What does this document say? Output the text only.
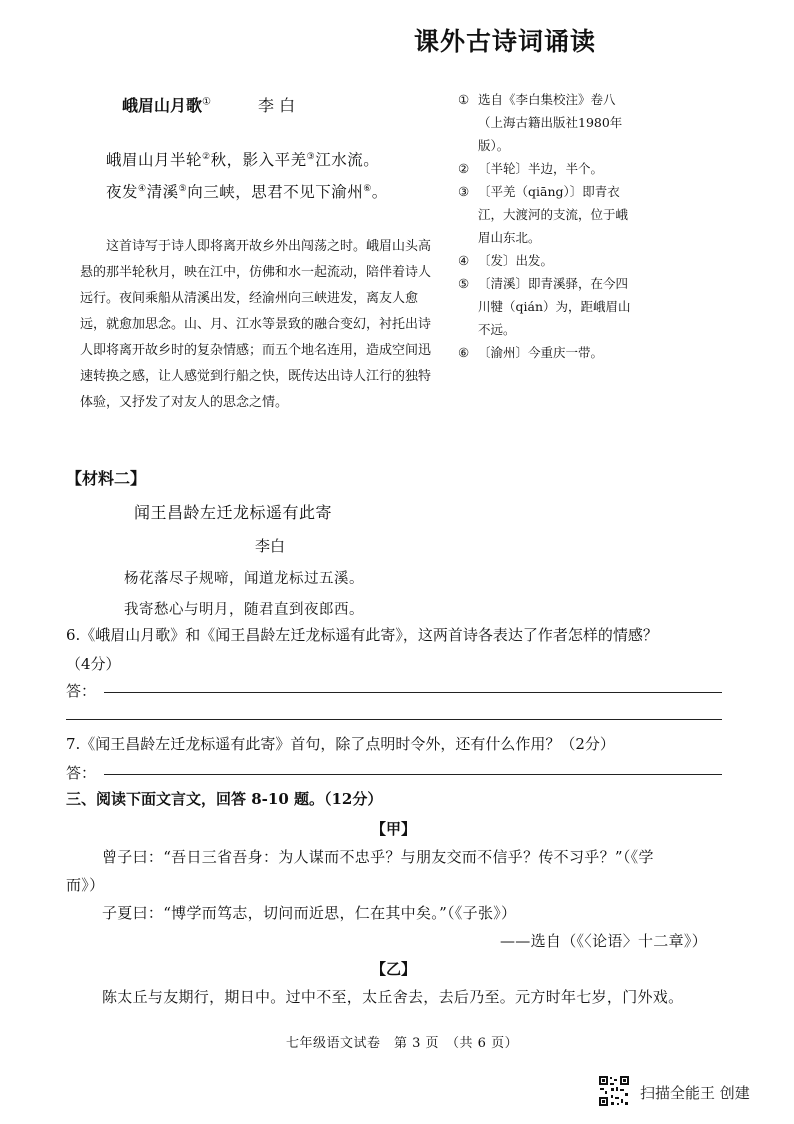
课外古诗词诵读
峨眉山月歌①	李 白
峨眉山月半轮②秋，影入平羌③江水流。
夜发④清溪⑤向三峡，思君不见下渝州⑥。
这首诗写于诗人即将离开故乡外出闯荡之时。峨眉山头高悬的那半轮秋月，映在江中，仿佛和水一起流动，陪伴着诗人远行。夜间乘船从清溪出发，经渝州向三峡进发，离友人愈远，就愈加思念。山、月、江水等景致的融合变幻，衬托出诗人即将离开故乡时的复杂情感；而五个地名连用，造成空间迅速转换之感，让人感觉到行船之快，既传达出诗人江行的独特体验，又抒发了对友人的思念之情。
① 选自《李白集校注》卷八（上海古籍出版社1980年版）。
② 〔半轮〕半边，半个。
③ 〔平羌（qiāng）〕即青衣江，大渡河的支流，位于峨眉山东北。
④ 〔发〕出发。
⑤ 〔清溪〕即青溪驿，在今四川犍（qián）为，距峨眉山不远。
⑥ 〔渝州〕今重庆一带。
【材料二】
闻王昌龄左迁龙标遥有此寄
李白
杨花落尽子规啼，闻道龙标过五溪。
我寄愁心与明月，随君直到夜郎西。
6.《峨眉山月歌》和《闻王昌龄左迁龙标遥有此寄》，这两首诗各表达了作者怎样的情感？
（4分）
答：
7.《闻王昌龄左迁龙标遥有此寄》首句，除了点明时令外，还有什么作用？（2分）
答：
三、阅读下面文言文，回答 8-10 题。（12分）
【甲】
曾子曰：“吾日三省吾身：为人谋而不忠乎？与朋友交而不信乎？传不习乎？”（《学
而》）
子夏曰：“博学而笃志，切问而近思，仁在其中矣。”（《子张》）
——选自（《〈论语〉十二章》）
【乙】
陈太丘与友期行，期日中。过中不至，太丘舍去，去后乃至。元方时年七岁，门外戏。
七年级语文试卷　第 3 页　（共 6 页）
扫描全能王 创建
